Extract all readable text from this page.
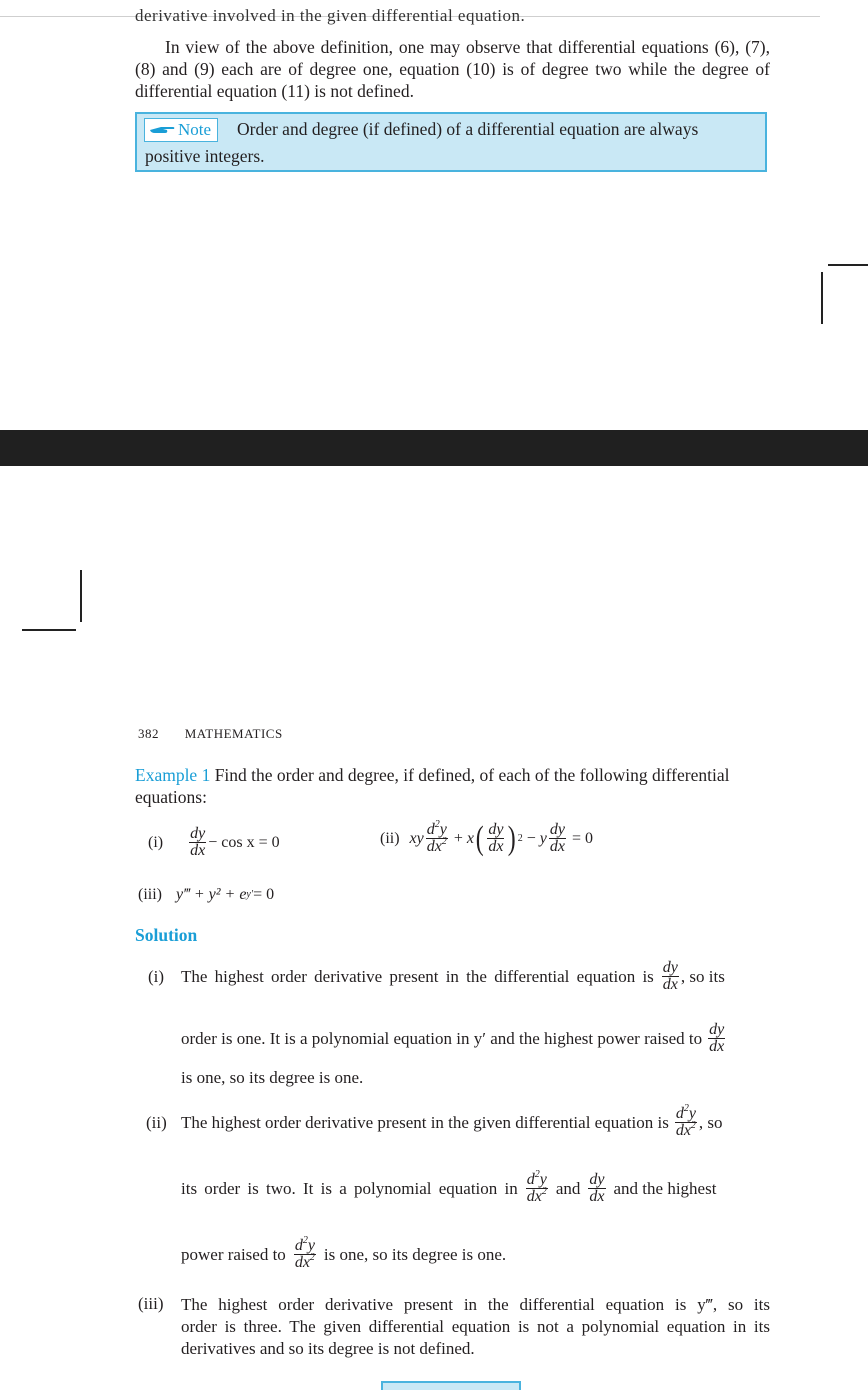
derivative involved in the given differential equation.
In view of the above definition, one may observe that differential equations (6), (7), (8) and (9) each are of degree one, equation (10) is of degree two while the degree of differential equation (11) is not defined.
Note Order and degree (if defined) of a differential equation are always
positive integers.
382 MATHEMATICS
Example 1 Find the order and degree, if defined, of each of the following differential
equations:
$(i) \frac{dy}{dx} - \cos x = 0$	(ii) xy $\frac{d^2y}{dx^2} + x$ ( $\frac{dy}{dx}$ ) 2 − y $\frac{dy}{dx} = 0$
(iii) y‴ + y² + e y′ = 0
Solution
(i) The highest order derivative present in the differential equation is $\frac{dy}{dx}$ , so its
order is one. It is a polynomial equation in y′ and the highest power raised to $\frac{dy}{dx}$
is one, so its degree is one.
(ii) The highest order derivative present in the given differential equation is $\frac{d^2y}{dx^2}$ , so
its order is two. It is a polynomial equation in $\frac{d^2y}{dx^2}$ and $\frac{dy}{dx}$ and the highest
power raised to $\frac{d^2y}{dx^2}$ is one, so its degree is one.
(iii) The highest order derivative present in the differential equation is y‴, so its
order is three. The given differential equation is not a polynomial equation in its
derivatives and so its degree is not defined.
